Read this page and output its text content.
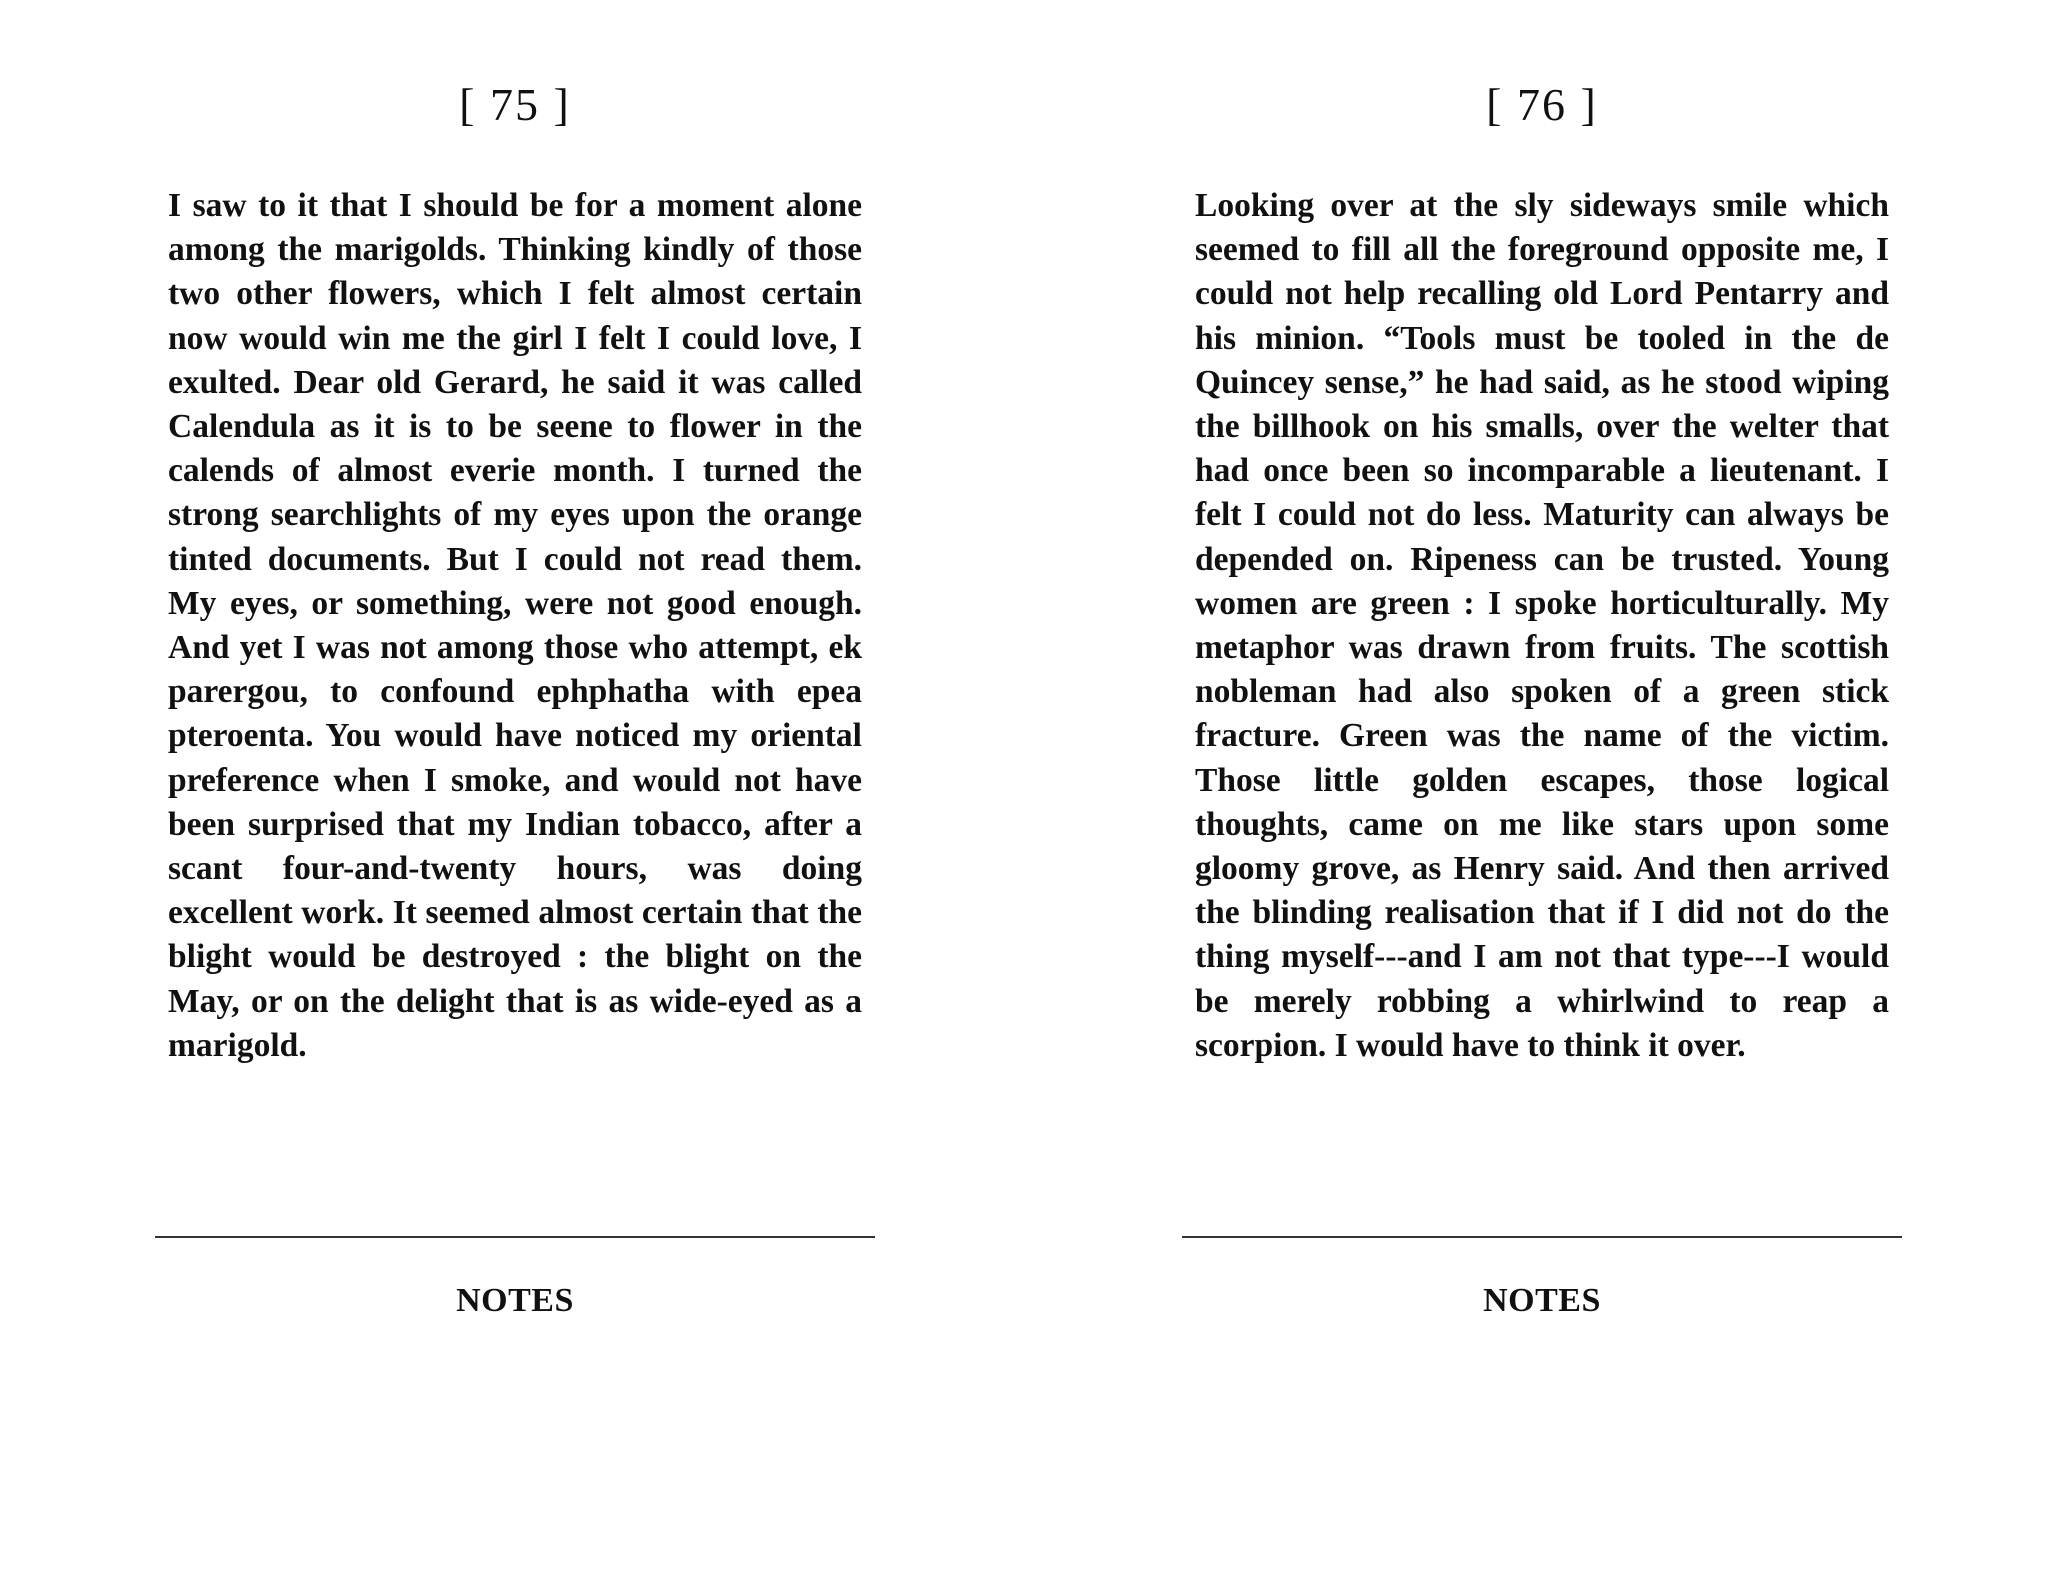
[ 75 ]

I saw to it that I should be for a moment alone among the marigolds. Thinking kindly of those two other flowers, which I felt almost certain now would win me the girl I felt I could love, I exulted. Dear old Gerard, he said it was called Calendula as it is to be seene to flower in the calends of almost everie month. I turned the strong searchlights of my eyes upon the orange tinted documents. But I could not read them. My eyes, or something, were not good enough. And yet I was not among those who attempt, ek parergou, to confound ephphatha with epea pteroenta. You would have noticed my oriental preference when I smoke, and would not have been surprised that my Indian tobacco, after a scant four-and-twenty hours, was doing excellent work. It seemed almost certain that the blight would be destroyed : the blight on the May, or on the delight that is as wide-eyed as a marigold.

NOTES
[ 76 ]

Looking over at the sly sideways smile which seemed to fill all the foreground opposite me, I could not help recalling old Lord Pentarry and his minion. “Tools must be tooled in the de Quincey sense,” he had said, as he stood wiping the billhook on his smalls, over the welter that had once been so incomparable a lieutenant. I felt I could not do less. Maturity can always be depended on. Ripeness can be trusted. Young women are green : I spoke horticulturally. My metaphor was drawn from fruits. The scottish nobleman had also spoken of a green stick fracture. Green was the name of the victim. Those little golden escapes, those logical thoughts, came on me like stars upon some gloomy grove, as Henry said. And then arrived the blinding realisation that if I did not do the thing myself---and I am not that type---I would be merely robbing a whirlwind to reap a scorpion. I would have to think it over.

NOTES
